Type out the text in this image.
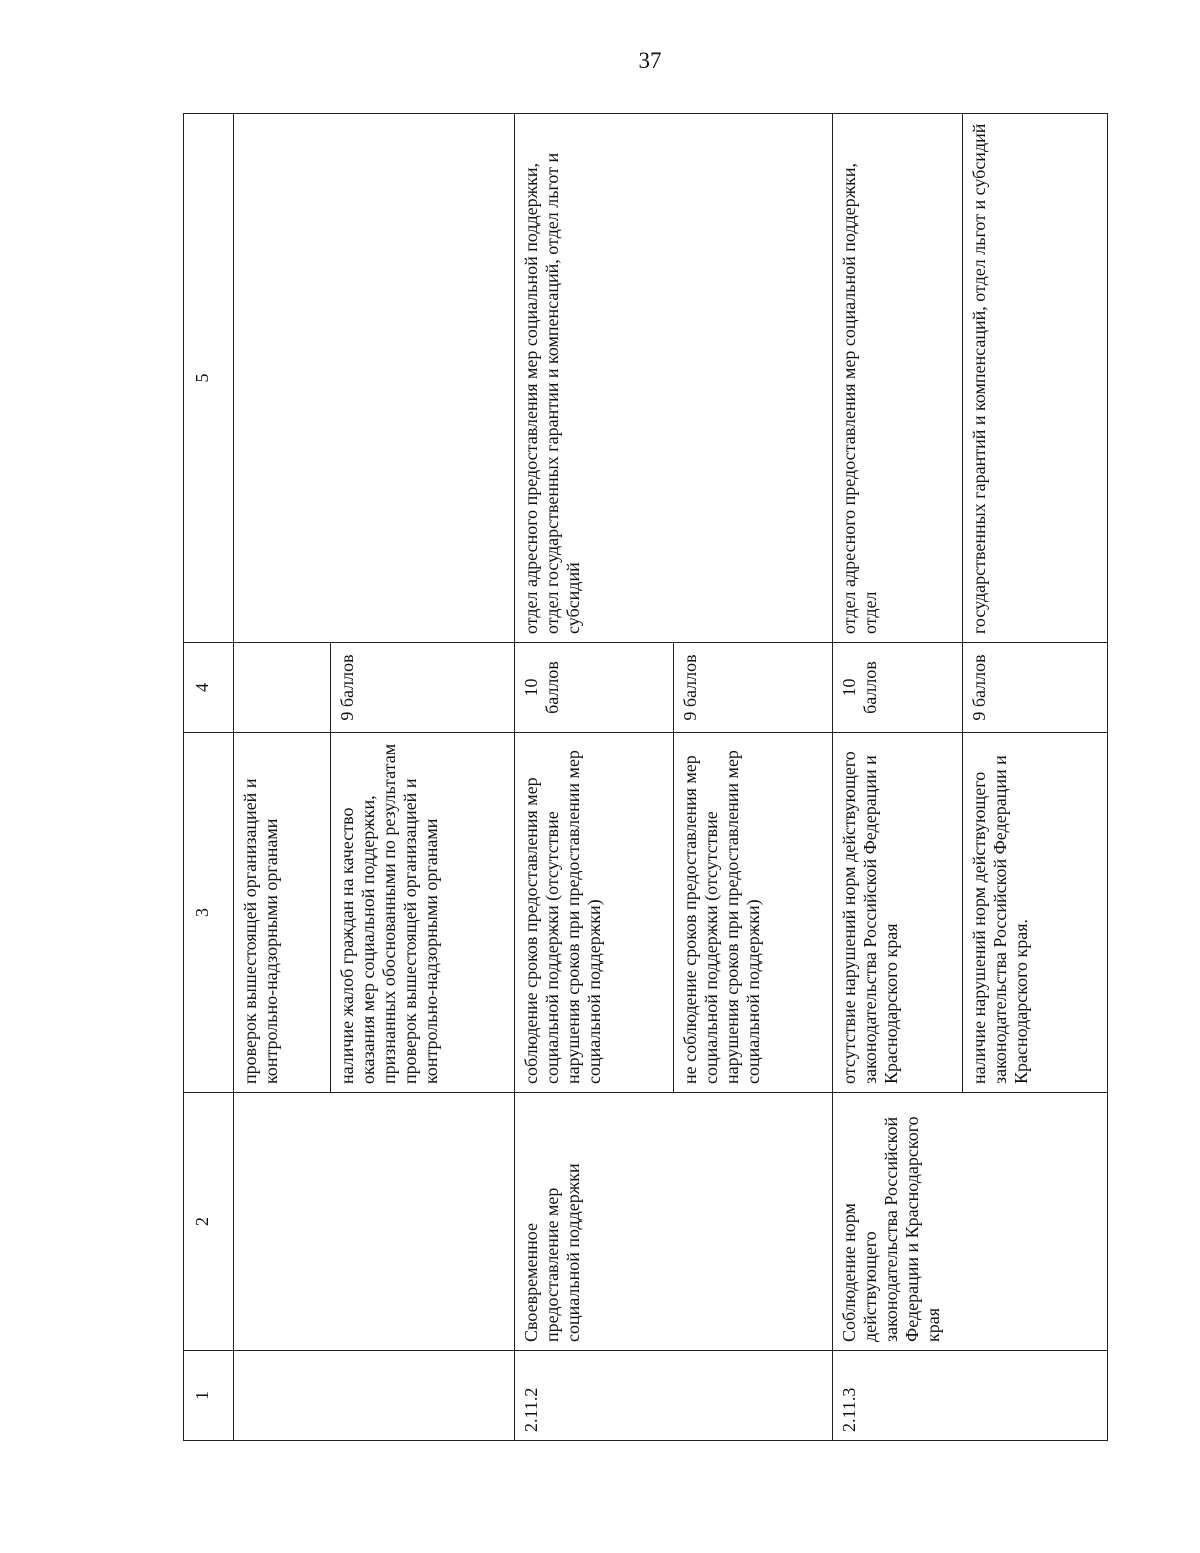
37
1	2	3	4	5
		проверок вышестоящей организацией и контрольно-надзорными органами		
		наличие жалоб граждан на качество оказания мер социальной поддержки, признанных обоснованными по результатам проверок вышестоящей организацией и контрольно-надзорными органами	9 баллов	
2.11.2	Своевременное предоставление мер социальной поддержки	соблюдение сроков предоставления мер социальной поддержки (отсутствие нарушения сроков при предоставлении мер социальной поддержки)	10 баллов	отдел адресного предоставления мер социальной поддержки, отдел государственных гарантии и компенсаций, отдел льгот и субсидий
		не соблюдение сроков предоставления мер социальной поддержки (отсутствие нарушения сроков при предоставлении мер социальной поддержки)	9 баллов	
2.11.3	Соблюдение норм действующего законодательства Российской Федерации и Краснодарского края	отсутствие нарушений норм действующего законодательства Российской Федерации и Краснодарского края	10 баллов	отдел адресного предоставления мер социальной поддержки, отдел
		наличие нарушений норм действующего законодательства Российской Федерации и Краснодарского края.	9 баллов	государственных гарантий и компенсаций, отдел льгот и субсидий
